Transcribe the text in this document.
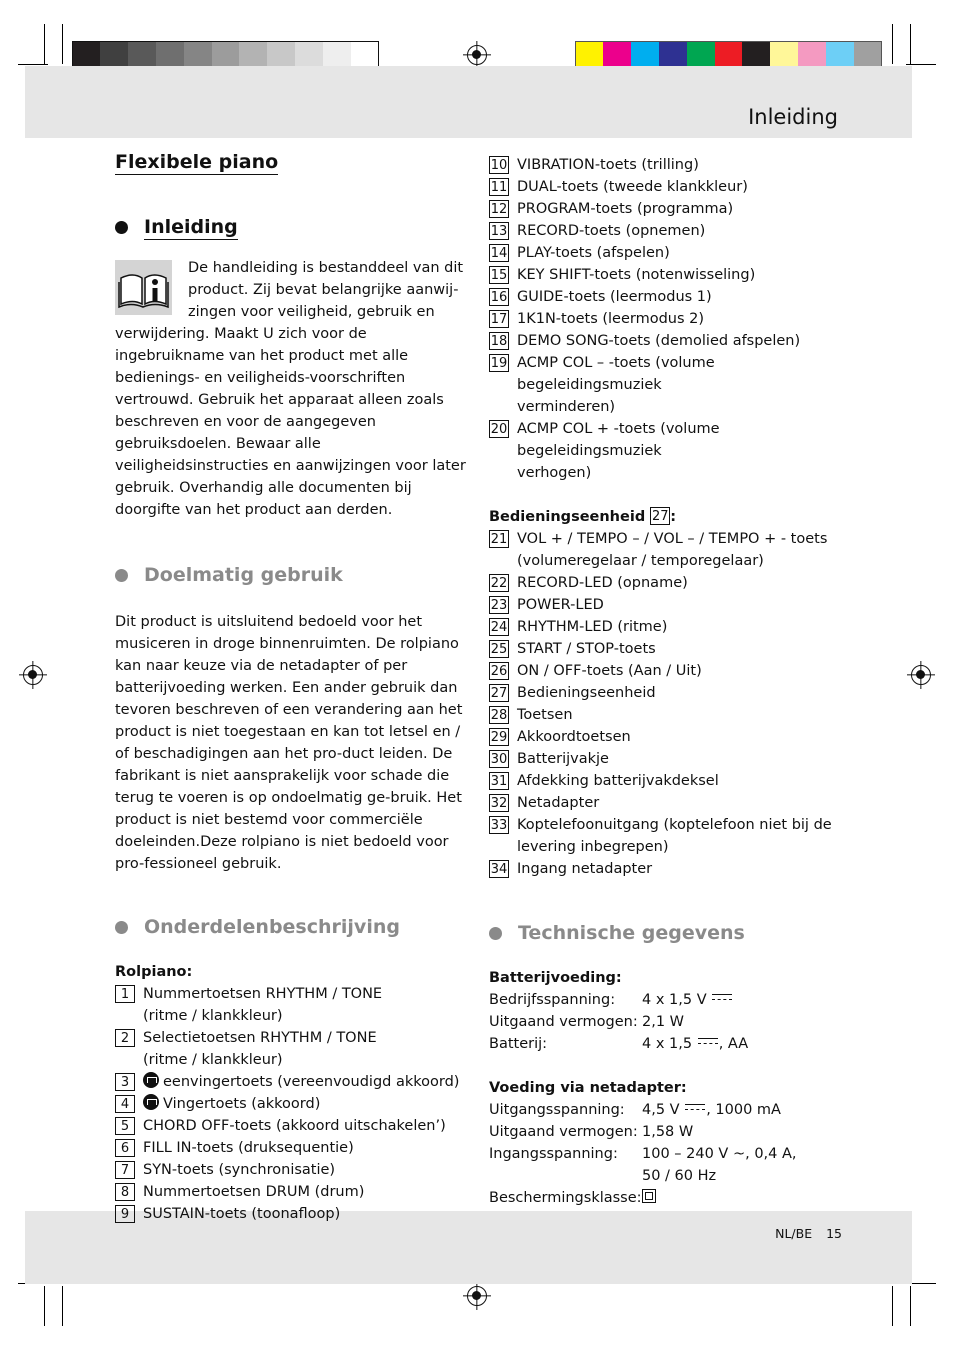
Inleiding
NL/BE 15
Flexibele piano
Inleiding

De handleiding is bestanddeel van dit

product. Zij bevat belangrijke aanwij-

zingen voor veiligheid, gebruik en

verwijdering. Maakt U zich voor de ingebruikname van het product met alle bedienings- en veiligheids-voorschriften vertrouwd. Gebruik het apparaat alleen zoals beschreven en voor de aangegeven gebruiksdoelen. Bewaar alle veiligheidsinstructies en aanwijzingen voor later gebruik. Overhandig alle documenten bij doorgifte van het product aan derden.

Doelmatig gebruik

Dit product is uitsluitend bedoeld voor het musiceren in droge binnenruimten. De rolpiano kan naar keuze via de netadapter of per batterijvoeding werken. Een ander gebruik dan tevoren beschreven of een verandering aan het product is niet toegestaan en kan tot letsel en / of beschadigingen aan het pro-duct leiden. De fabrikant is niet aansprakelijk voor schade die terug te voeren is op ondoelmatig ge-bruik. Het product is niet bestemd voor commerciële doeleinden.Deze rolpiano is niet bedoeld voor pro-fessioneel gebruik.

Onderdelenbeschrijving

Rolpiano:

1 Nummertoetsen RHYTHM / TONE
(ritme / klankkleur)
2 Selectietoetsen RHYTHM / TONE
(ritme / klankkleur)
3	eenvingertoets (vereenvoudigd akkoord)
4	Vingertoets (akkoord)
5 CHORD OFF-toets (akkoord uitschakelen’)
6 FILL IN-toets (druksequentie)
7 SYN-toets (synchronisatie)
8 Nummertoetsen DRUM (drum)
9 SUSTAIN-toets (toonafloop)
10 VIBRATION-toets (trilling)
11 DUAL-toets (tweede klankkleur)
12 PROGRAM-toets (programma)
13 RECORD-toets (opnemen)
14 PLAY-toets (afspelen)
15 KEY SHIFT-toets (notenwisseling)
16 GUIDE-toets (leermodus 1)
17 1K1N-toets (leermodus 2)
18 DEMO SONG-toets (demolied afspelen)
19 ACMP COL – -toets (volume begeleidingsmuziek
verminderen)
20 ACMP COL + -toets (volume begeleidingsmuziek
verhogen)

Bedieningseenheid 27 :

21 VOL + / TEMPO – / VOL – / TEMPO + - toets
(volumeregelaar / temporegelaar)
22 RECORD-LED (opname)
23 POWER-LED
24 RHYTHM-LED (ritme)
25 START / STOP-toets
26 ON / OFF-toets (Aan / Uit)
27 Bedieningseenheid
28 Toetsen
29 Akkoordtoetsen
30 Batterijvakje
31 Afdekking batterijvakdeksel
32 Netadapter
33 Koptelefoonuitgang (koptelefoon niet bij de
levering inbegrepen)
34 Ingang netadapter
Technische gegevens

Batterijvoeding:

Bedrijfsspanning:	4 x 1,5 V
Uitgaand vermogen: 2,1 W
Batterij:	4 x 1,5 , AA

Voeding via netadapter:

Uitgangsspanning:	4,5 V , 1000 mA
Uitgaand vermogen: 1,58 W
Ingangsspanning:	100 – 240 V ~, 0,4 A,
50 / 60 Hz
Beschermingsklasse:
